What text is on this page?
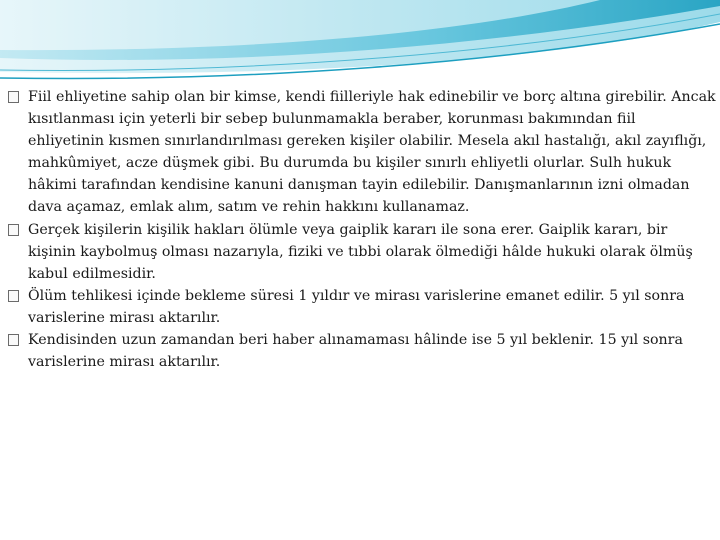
Fiil ehliyetine sahip olan bir kimse, kendi fiilleriyle hak edinebilir ve borç altına girebilir. Ancak kısıtlanması için yeterli bir sebep bulunmamakla beraber, korunması bakımından fiil ehliyetinin kısmen sınırlandırılması gereken kişiler olabilir. Mesela akıl hastalığı, akıl zayıflığı, mahkûmiyet, acze düşmek gibi. Bu durumda bu kişiler sınırlı ehliyetli olurlar. Sulh hukuk hâkimi tarafından kendisine kanuni danışman tayin edilebilir. Danışmanlarının izni olmadan dava açamaz, emlak alım, satım ve rehin hakkını kullanamaz.

Gerçek kişilerin kişilik hakları ölümle veya gaiplik kararı ile sona erer. Gaiplik kararı, bir kişinin kaybolmuş olması nazarıyla, fiziki ve tıbbi olarak ölmediği hâlde hukuki olarak ölmüş kabul edilmesidir.

Ölüm tehlikesi içinde bekleme süresi 1 yıldır ve mirası varislerine emanet edilir. 5 yıl sonra varislerine mirası aktarılır.

Kendisinden uzun zamandan beri haber alınamaması hâlinde ise 5 yıl beklenir. 15 yıl sonra varislerine mirası aktarılır.
